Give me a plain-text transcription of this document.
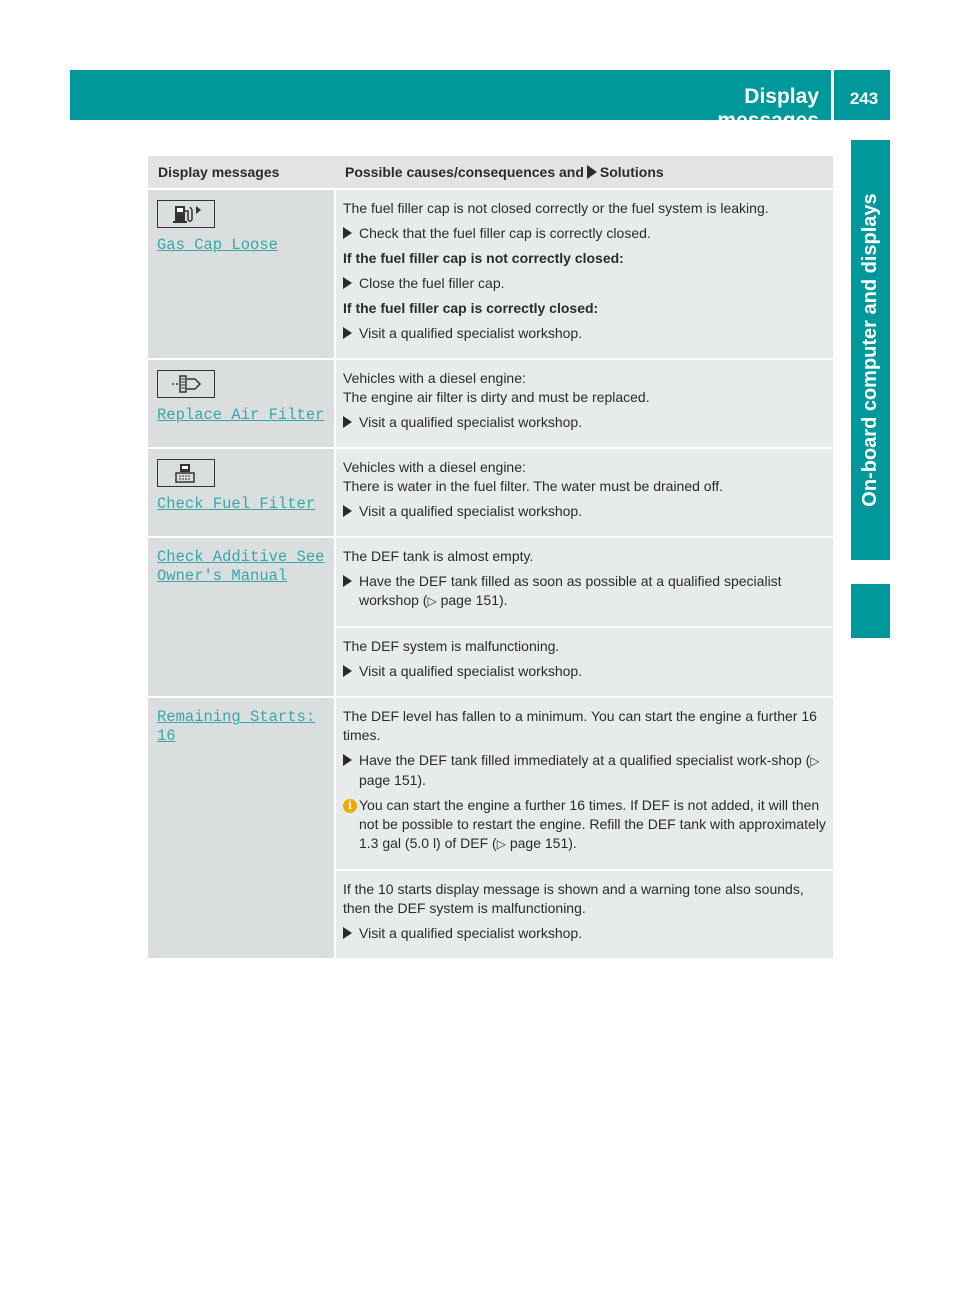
Display messages
243
On-board computer and displays
Display messages	Possible causes/consequences and Solutions
Gas Cap Loose
The fuel filler cap is not closed correctly or the fuel system is leaking.
Check that the fuel filler cap is correctly closed.
If the fuel filler cap is not correctly closed:
Close the fuel filler cap.
If the fuel filler cap is correctly closed:
Visit a qualified specialist workshop.
Replace Air Filter
Vehicles with a diesel engine:
The engine air filter is dirty and must be replaced.
Visit a qualified specialist workshop.
Check Fuel Filter
Vehicles with a diesel engine:
There is water in the fuel filter. The water must be drained off.
Visit a qualified specialist workshop.
Check Additive See
Owner's Manual
The DEF tank is almost empty.
Have the DEF tank filled as soon as possible at a qualified specialist workshop (▷ page 151).
The DEF system is malfunctioning.
Visit a qualified specialist workshop.
Remaining Starts:
16
The DEF level has fallen to a minimum. You can start the engine a further 16 times.
Have the DEF tank filled immediately at a qualified specialist work-shop (▷ page 151).
i You can start the engine a further 16 times. If DEF is not added, it will then not be possible to restart the engine. Refill the DEF tank with approximately 1.3 gal (5.0 l) of DEF (▷ page 151).
If the 10 starts display message is shown and a warning tone also sounds, then the DEF system is malfunctioning.
Visit a qualified specialist workshop.
